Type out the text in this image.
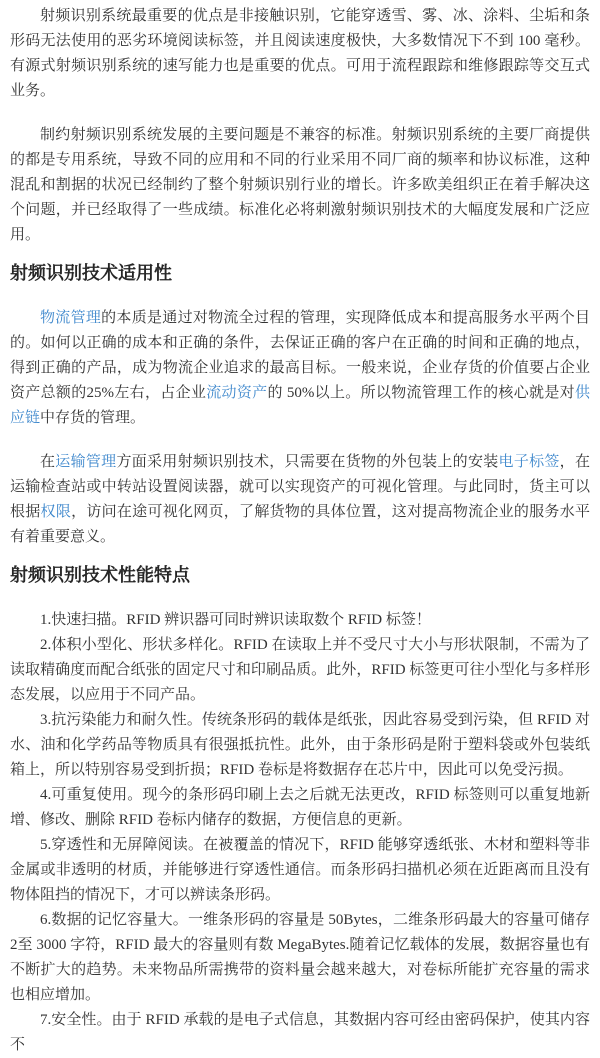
射频识别系统最重要的优点是非接触识别，它能穿透雪、雾、冰、涂料、尘垢和条形码无法使用的恶劣环境阅读标签，并且阅读速度极快，大多数情况下不到 100 毫秒。有源式射频识别系统的速写能力也是重要的优点。可用于流程跟踪和维修跟踪等交互式业务。

制约射频识别系统发展的主要问题是不兼容的标准。射频识别系统的主要厂商提供的都是专用系统，导致不同的应用和不同的行业采用不同厂商的频率和协议标准，这种混乱和割据的状况已经制约了整个射频识别行业的增长。许多欧美组织正在着手解决这个问题，并已经取得了一些成绩。标准化必将刺激射频识别技术的大幅度发展和广泛应用。

射频识别技术适用性

物流管理的本质是通过对物流全过程的管理，实现降低成本和提高服务水平两个目的。如何以正确的成本和正确的条件，去保证正确的客户在正确的时间和正确的地点，得到正确的产品，成为物流企业追求的最高目标。一般来说，企业存货的价值要占企业资产总额的25%左右，占企业流动资产的 50%以上。所以物流管理工作的核心就是对供应链中存货的管理。

在运输管理方面采用射频识别技术，只需要在货物的外包装上的安装电子标签，在运输检查站或中转站设置阅读器，就可以实现资产的可视化管理。与此同时，货主可以根据权限，访问在途可视化网页，了解货物的具体位置，这对提高物流企业的服务水平有着重要意义。

射频识别技术性能特点

1.快速扫描。RFID 辨识器可同时辨识读取数个 RFID 标签！

2.体积小型化、形状多样化。RFID 在读取上并不受尺寸大小与形状限制，不需为了读取精确度而配合纸张的固定尺寸和印刷品质。此外，RFID 标签更可往小型化与多样形态发展，以应用于不同产品。

3.抗污染能力和耐久性。传统条形码的载体是纸张，因此容易受到污染，但 RFID 对水、油和化学药品等物质具有很强抵抗性。此外，由于条形码是附于塑料袋或外包装纸箱上，所以特别容易受到折损；RFID 卷标是将数据存在芯片中，因此可以免受污损。

4.可重复使用。现今的条形码印刷上去之后就无法更改，RFID 标签则可以重复地新增、修改、删除 RFID 卷标内储存的数据，方便信息的更新。

5.穿透性和无屏障阅读。在被覆盖的情况下，RFID 能够穿透纸张、木材和塑料等非金属或非透明的材质，并能够进行穿透性通信。而条形码扫描机必须在近距离而且没有物体阻挡的情况下，才可以辨读条形码。

6.数据的记忆容量大。一维条形码的容量是 50Bytes，二维条形码最大的容量可储存 2至 3000 字符，RFID 最大的容量则有数 MegaBytes.随着记忆载体的发展，数据容量也有不断扩大的趋势。未来物品所需携带的资料量会越来越大，对卷标所能扩充容量的需求也相应增加。

7.安全性。由于 RFID 承载的是电子式信息，其数据内容可经由密码保护，使其内容不
